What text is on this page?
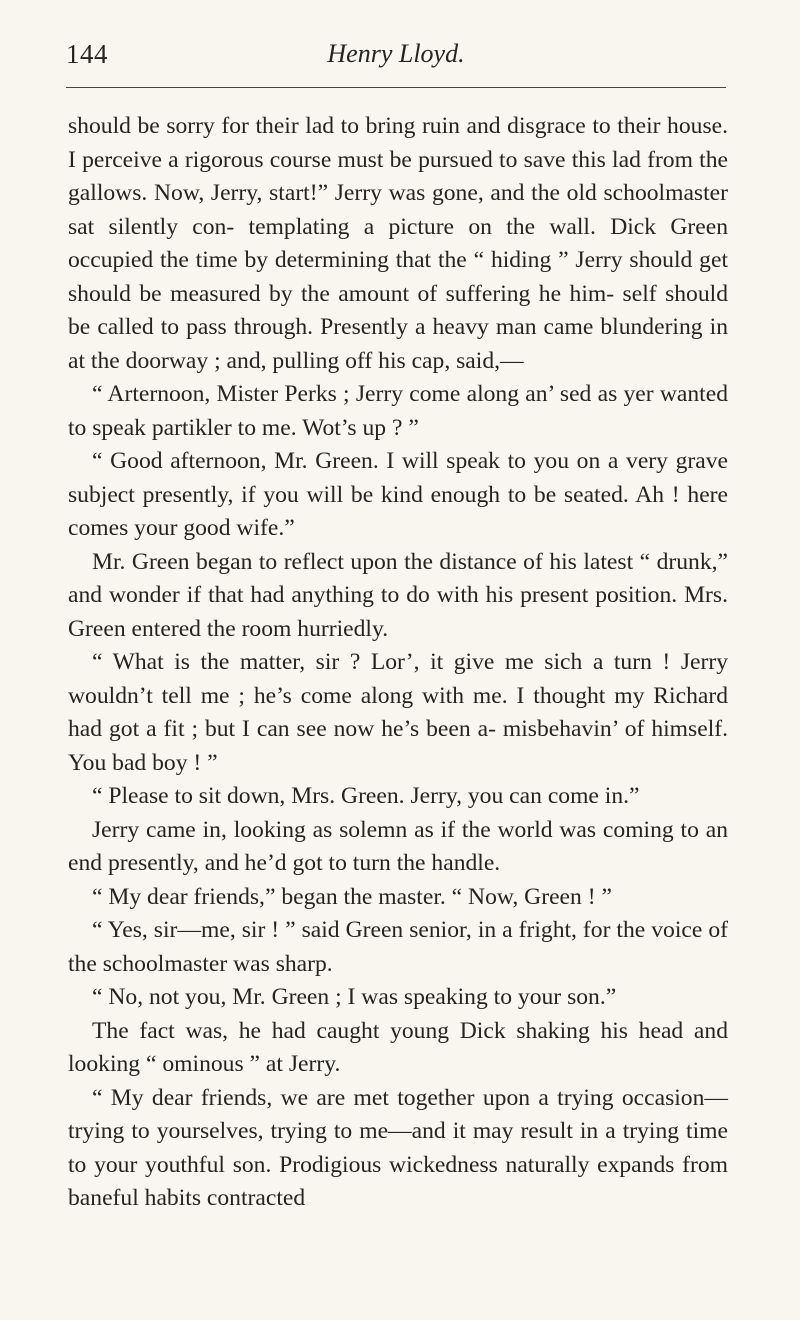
144	Henry Lloyd.

should be sorry for their lad to bring ruin and disgrace to their house. I perceive a rigorous course must be pursued to save this lad from the gallows. Now, Jerry, start!” Jerry was gone, and the old schoolmaster sat silently con- templating a picture on the wall. Dick Green occupied the time by determining that the “ hiding ” Jerry should get should be measured by the amount of suffering he him- self should be called to pass through. Presently a heavy man came blundering in at the doorway ; and, pulling off his cap, said,—

“ Arternoon, Mister Perks ; Jerry come along an’ sed as yer wanted to speak partikler to me. Wot’s up ? ”

“ Good afternoon, Mr. Green. I will speak to you on a very grave subject presently, if you will be kind enough to be seated. Ah ! here comes your good wife.”

Mr. Green began to reflect upon the distance of his latest “ drunk,” and wonder if that had anything to do with his present position. Mrs. Green entered the room hurriedly.

“ What is the matter, sir ? Lor’, it give me sich a turn ! Jerry wouldn’t tell me ; he’s come along with me. I thought my Richard had got a fit ; but I can see now he’s been a- misbehavin’ of himself. You bad boy ! ”

“ Please to sit down, Mrs. Green. Jerry, you can come in.”

Jerry came in, looking as solemn as if the world was coming to an end presently, and he’d got to turn the handle.

“ My dear friends,” began the master. “ Now, Green ! ”

“ Yes, sir—me, sir ! ” said Green senior, in a fright, for the voice of the schoolmaster was sharp.

“ No, not you, Mr. Green ; I was speaking to your son.”

The fact was, he had caught young Dick shaking his head and looking “ ominous ” at Jerry.

“ My dear friends, we are met together upon a trying occasion—trying to yourselves, trying to me—and it may result in a trying time to your youthful son. Prodigious wickedness naturally expands from baneful habits contracted
